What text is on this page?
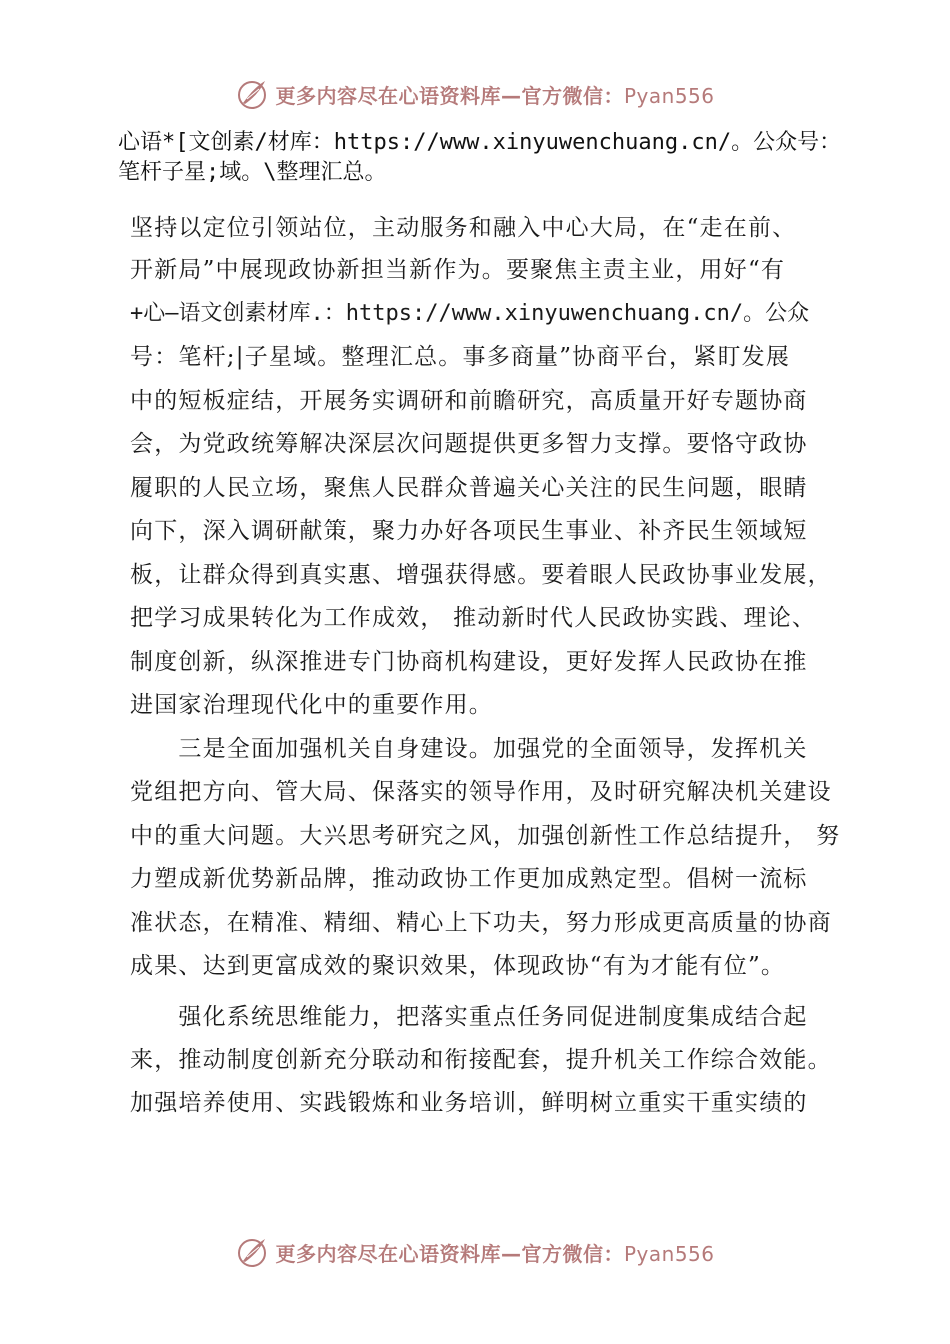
更多内容尽在心语资料库—官方微信：Pyan556
心语*[文创素/材库：https://www.xinyuwenchuang.cn/。公众号：
笔杆子星;域。\整理汇总。
坚持以定位引领站位，主动服务和融入中心大局，在“走在前、
开新局”中展现政协新担当新作为。要聚焦主责主业，用好“有
+心—语文创素材库.：https://www.xinyuwenchuang.cn/。公众
号：笔杆;|子星域。整理汇总。事多商量”协商平台，紧盯发展
中的短板症结，开展务实调研和前瞻研究，高质量开好专题协商
会，为党政统筹解决深层次问题提供更多智力支撑。要恪守政协
履职的人民立场，聚焦人民群众普遍关心关注的民生问题，眼睛
向下，深入调研献策，聚力办好各项民生事业、补齐民生领域短
板，让群众得到真实惠、增强获得感。要着眼人民政协事业发展，
把学习成果转化为工作成效， 推动新时代人民政协实践、理论、
制度创新，纵深推进专门协商机构建设，更好发挥人民政协在推
进国家治理现代化中的重要作用。
　　三是全面加强机关自身建设。加强党的全面领导，发挥机关
党组把方向、管大局、保落实的领导作用，及时研究解决机关建设
中的重大问题。大兴思考研究之风，加强创新性工作总结提升， 努
力塑成新优势新品牌，推动政协工作更加成熟定型。倡树一流标
准状态，在精准、精细、精心上下功夫，努力形成更高质量的协商
成果、达到更富成效的聚识效果，体现政协“有为才能有位”。
　　强化系统思维能力，把落实重点任务同促进制度集成结合起
来，推动制度创新充分联动和衔接配套，提升机关工作综合效能。
加强培养使用、实践锻炼和业务培训，鲜明树立重实干重实绩的
更多内容尽在心语资料库—官方微信：Pyan556
